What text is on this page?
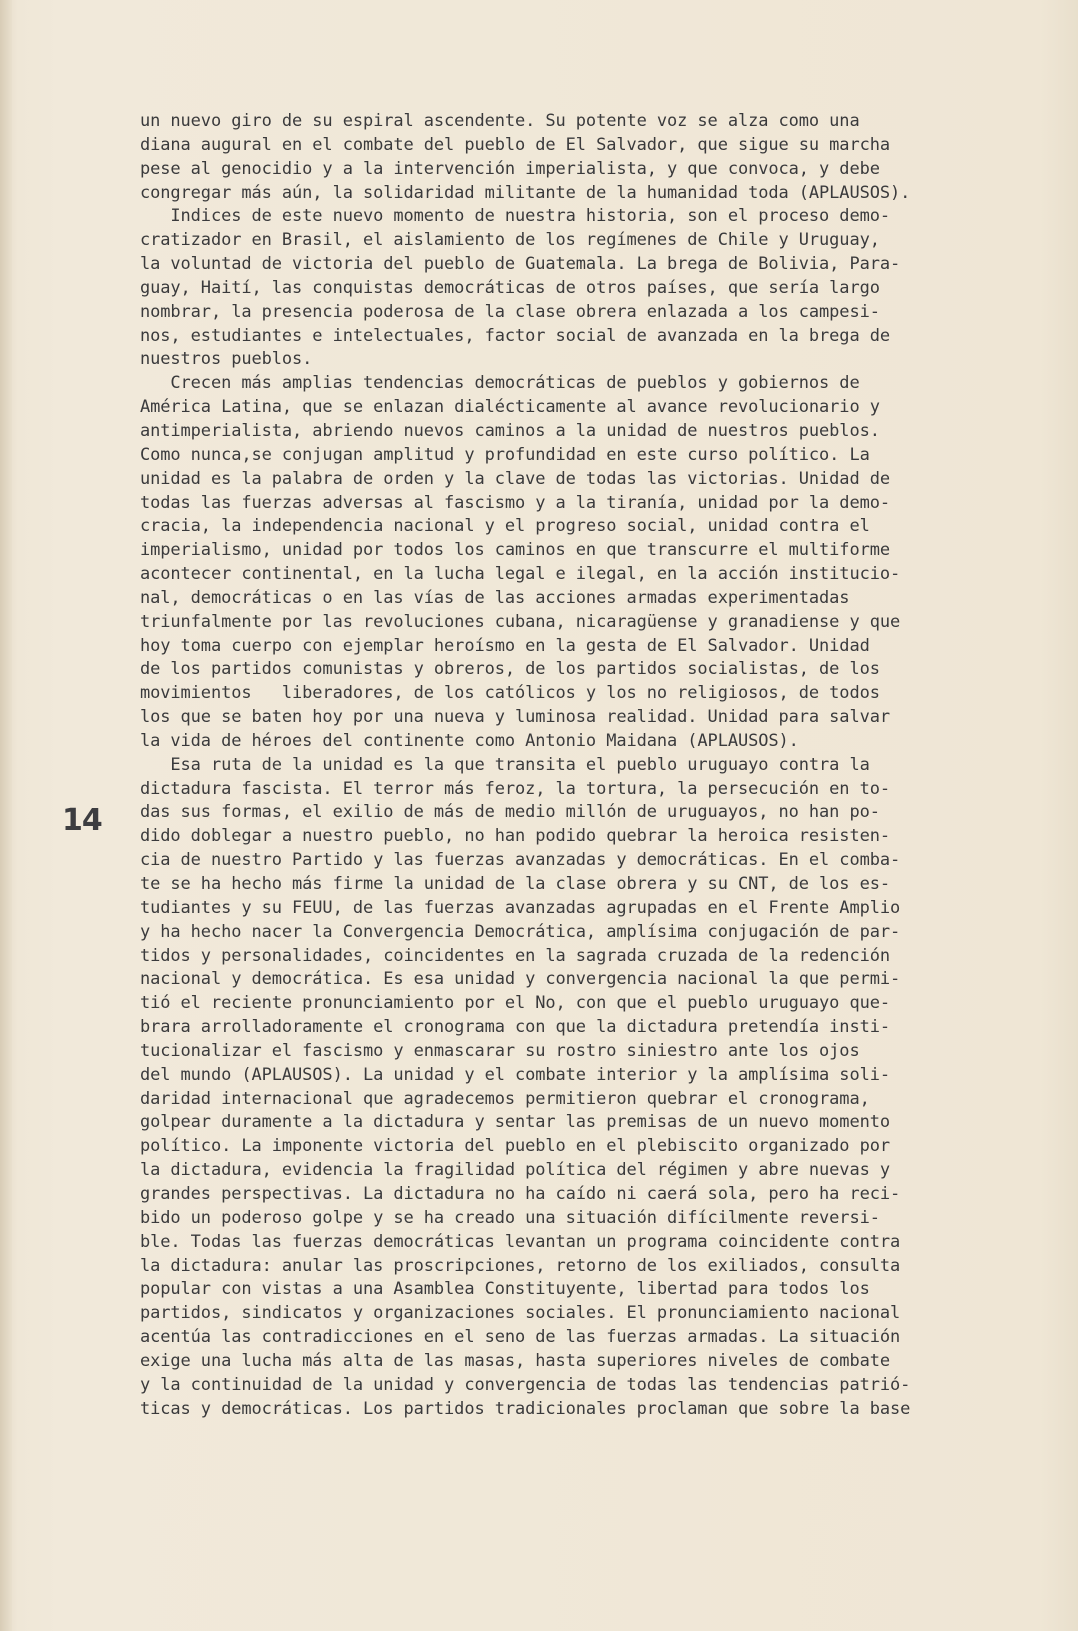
14
un nuevo giro de su espiral ascendente. Su potente voz se alza como una
diana augural en el combate del pueblo de El Salvador, que sigue su marcha
pese al genocidio y a la intervención imperialista, y que convoca, y debe
congregar más aún, la solidaridad militante de la humanidad toda (APLAUSOS).
Indices de este nuevo momento de nuestra historia, son el proceso demo-
cratizador en Brasil, el aislamiento de los regímenes de Chile y Uruguay,
la voluntad de victoria del pueblo de Guatemala. La brega de Bolivia, Para-
guay, Haití, las conquistas democráticas de otros países, que sería largo
nombrar, la presencia poderosa de la clase obrera enlazada a los campesi-
nos, estudiantes e intelectuales, factor social de avanzada en la brega de
nuestros pueblos.
Crecen más amplias tendencias democráticas de pueblos y gobiernos de
América Latina, que se enlazan dialécticamente al avance revolucionario y
antimperialista, abriendo nuevos caminos a la unidad de nuestros pueblos.
Como nunca,se conjugan amplitud y profundidad en este curso político. La
unidad es la palabra de orden y la clave de todas las victorias. Unidad de
todas las fuerzas adversas al fascismo y a la tiranía, unidad por la demo-
cracia, la independencia nacional y el progreso social, unidad contra el
imperialismo, unidad por todos los caminos en que transcurre el multiforme
acontecer continental, en la lucha legal e ilegal, en la acción institucio-
nal, democráticas o en las vías de las acciones armadas experimentadas
triunfalmente por las revoluciones cubana, nicaragüense y granadiense y que
hoy toma cuerpo con ejemplar heroísmo en la gesta de El Salvador. Unidad
de los partidos comunistas y obreros, de los partidos socialistas, de los
movimientos   liberadores, de los católicos y los no religiosos, de todos
los que se baten hoy por una nueva y luminosa realidad. Unidad para salvar
la vida de héroes del continente como Antonio Maidana (APLAUSOS).
Esa ruta de la unidad es la que transita el pueblo uruguayo contra la
dictadura fascista. El terror más feroz, la tortura, la persecución en to-
das sus formas, el exilio de más de medio millón de uruguayos, no han po-
dido doblegar a nuestro pueblo, no han podido quebrar la heroica resisten-
cia de nuestro Partido y las fuerzas avanzadas y democráticas. En el comba-
te se ha hecho más firme la unidad de la clase obrera y su CNT, de los es-
tudiantes y su FEUU, de las fuerzas avanzadas agrupadas en el Frente Amplio
y ha hecho nacer la Convergencia Democrática, amplísima conjugación de par-
tidos y personalidades, coincidentes en la sagrada cruzada de la redención
nacional y democrática. Es esa unidad y convergencia nacional la que permi-
tió el reciente pronunciamiento por el No, con que el pueblo uruguayo que-
brara arrolladoramente el cronograma con que la dictadura pretendía insti-
tucionalizar el fascismo y enmascarar su rostro siniestro ante los ojos
del mundo (APLAUSOS). La unidad y el combate interior y la amplísima soli-
daridad internacional que agradecemos permitieron quebrar el cronograma,
golpear duramente a la dictadura y sentar las premisas de un nuevo momento
político. La imponente victoria del pueblo en el plebiscito organizado por
la dictadura, evidencia la fragilidad política del régimen y abre nuevas y
grandes perspectivas. La dictadura no ha caído ni caerá sola, pero ha reci-
bido un poderoso golpe y se ha creado una situación difícilmente reversi-
ble. Todas las fuerzas democráticas levantan un programa coincidente contra
la dictadura: anular las proscripciones, retorno de los exiliados, consulta
popular con vistas a una Asamblea Constituyente, libertad para todos los
partidos, sindicatos y organizaciones sociales. El pronunciamiento nacional
acentúa las contradicciones en el seno de las fuerzas armadas. La situación
exige una lucha más alta de las masas, hasta superiores niveles de combate
y la continuidad de la unidad y convergencia de todas las tendencias patrió-
ticas y democráticas. Los partidos tradicionales proclaman que sobre la base
